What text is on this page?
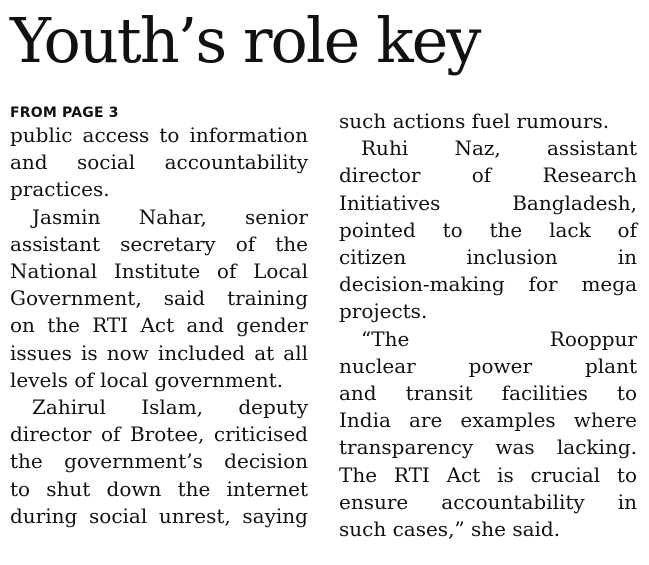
Youth’s role key
FROM PAGE 3
public access to information
and social accountability
practices.
Jasmin Nahar, senior
assistant secretary of the
National Institute of Local
Government, said training
on the RTI Act and gender
issues is now included at all
levels of local government.
Zahirul Islam, deputy
director of Brotee, criticised
the government’s decision
to shut down the internet
during social unrest, saying
such actions fuel rumours.
Ruhi Naz, assistant
director of Research
Initiatives Bangladesh,
pointed to the lack of
citizen inclusion in
decision-making for mega
projects.
“The Rooppur
nuclear power plant
and transit facilities to
India are examples where
transparency was lacking.
The RTI Act is crucial to
ensure accountability in
such cases,” she said.
